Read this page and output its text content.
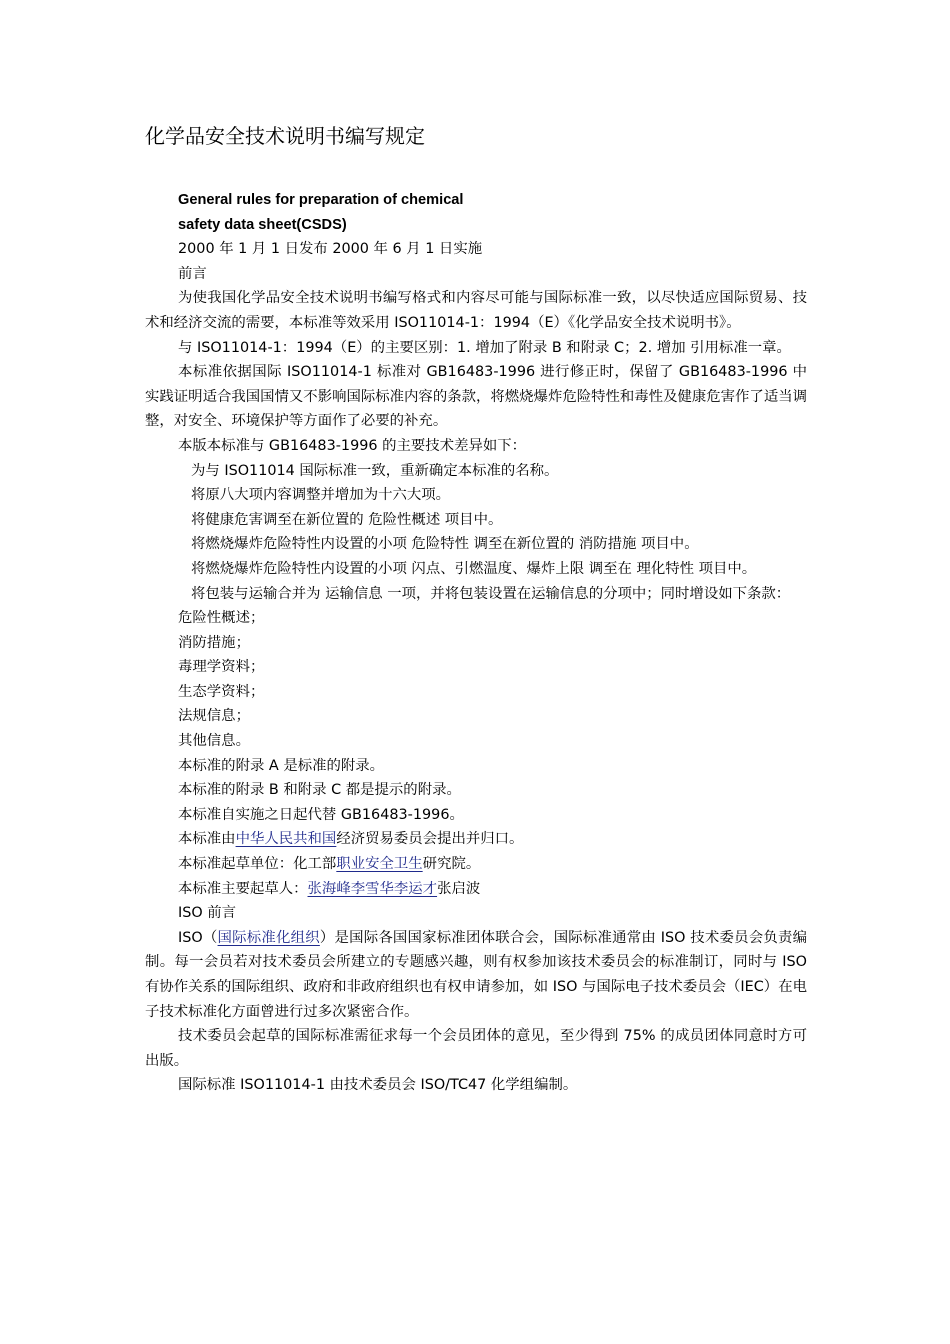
化学品安全技术说明书编写规定

General rules for preparation of chemical

safety data sheet(CSDS)

2000 年 1 月 1 日发布 2000 年 6 月 1 日实施

前言

为使我国化学品安全技术说明书编写格式和内容尽可能与国际标准一致，以尽快适应国际贸易、技术和经济交流的需要，本标准等效采用 ISO11014-1：1994（E）《化学品安全技术说明书》。

与 ISO11014-1：1994（E）的主要区别：1. 增加了附录 B 和附录 C；2. 增加 引用标准一章。

本标准依据国际 ISO11014-1 标准对 GB16483-1996 进行修正时，保留了 GB16483-1996 中实践证明适合我国国情又不影响国际标准内容的条款，将燃烧爆炸危险特性和毒性及健康危害作了适当调整，对安全、环境保护等方面作了必要的补充。

本版本标准与 GB16483-1996 的主要技术差异如下：

为与 ISO11014 国际标准一致，重新确定本标准的名称。

将原八大项内容调整并增加为十六大项。

将健康危害调至在新位置的 危险性概述 项目中。

将燃烧爆炸危险特性内设置的小项 危险特性 调至在新位置的 消防措施 项目中。

将燃烧爆炸危险特性内设置的小项 闪点、引燃温度、爆炸上限 调至在 理化特性 项目中。

将包装与运输合并为 运输信息 一项，并将包装设置在运输信息的分项中；同时增设如下条款：

危险性概述；

消防措施；

毒理学资料；

生态学资料；

法规信息；

其他信息。

本标准的附录 A 是标准的附录。

本标准的附录 B 和附录 C 都是提示的附录。

本标准自实施之日起代替 GB16483-1996。

本标准由中华人民共和国经济贸易委员会提出并归口。

本标准起草单位：化工部职业安全卫生研究院。

本标准主要起草人：张海峰李雪华李运才张启波

ISO 前言

ISO（国际标准化组织）是国际各国国家标准团体联合会，国际标准通常由 ISO 技术委员会负责编制。每一会员若对技术委员会所建立的专题感兴趣，则有权参加该技术委员会的标准制订，同时与 ISO 有协作关系的国际组织、政府和非政府组织也有权申请参加，如 ISO 与国际电子技术委员会（IEC）在电子技术标准化方面曾进行过多次紧密合作。

技术委员会起草的国际标准需征求每一个会员团体的意见，至少得到 75% 的成员团体同意时方可出版。

国际标准 ISO11014-1 由技术委员会 ISO/TC47 化学组编制。
